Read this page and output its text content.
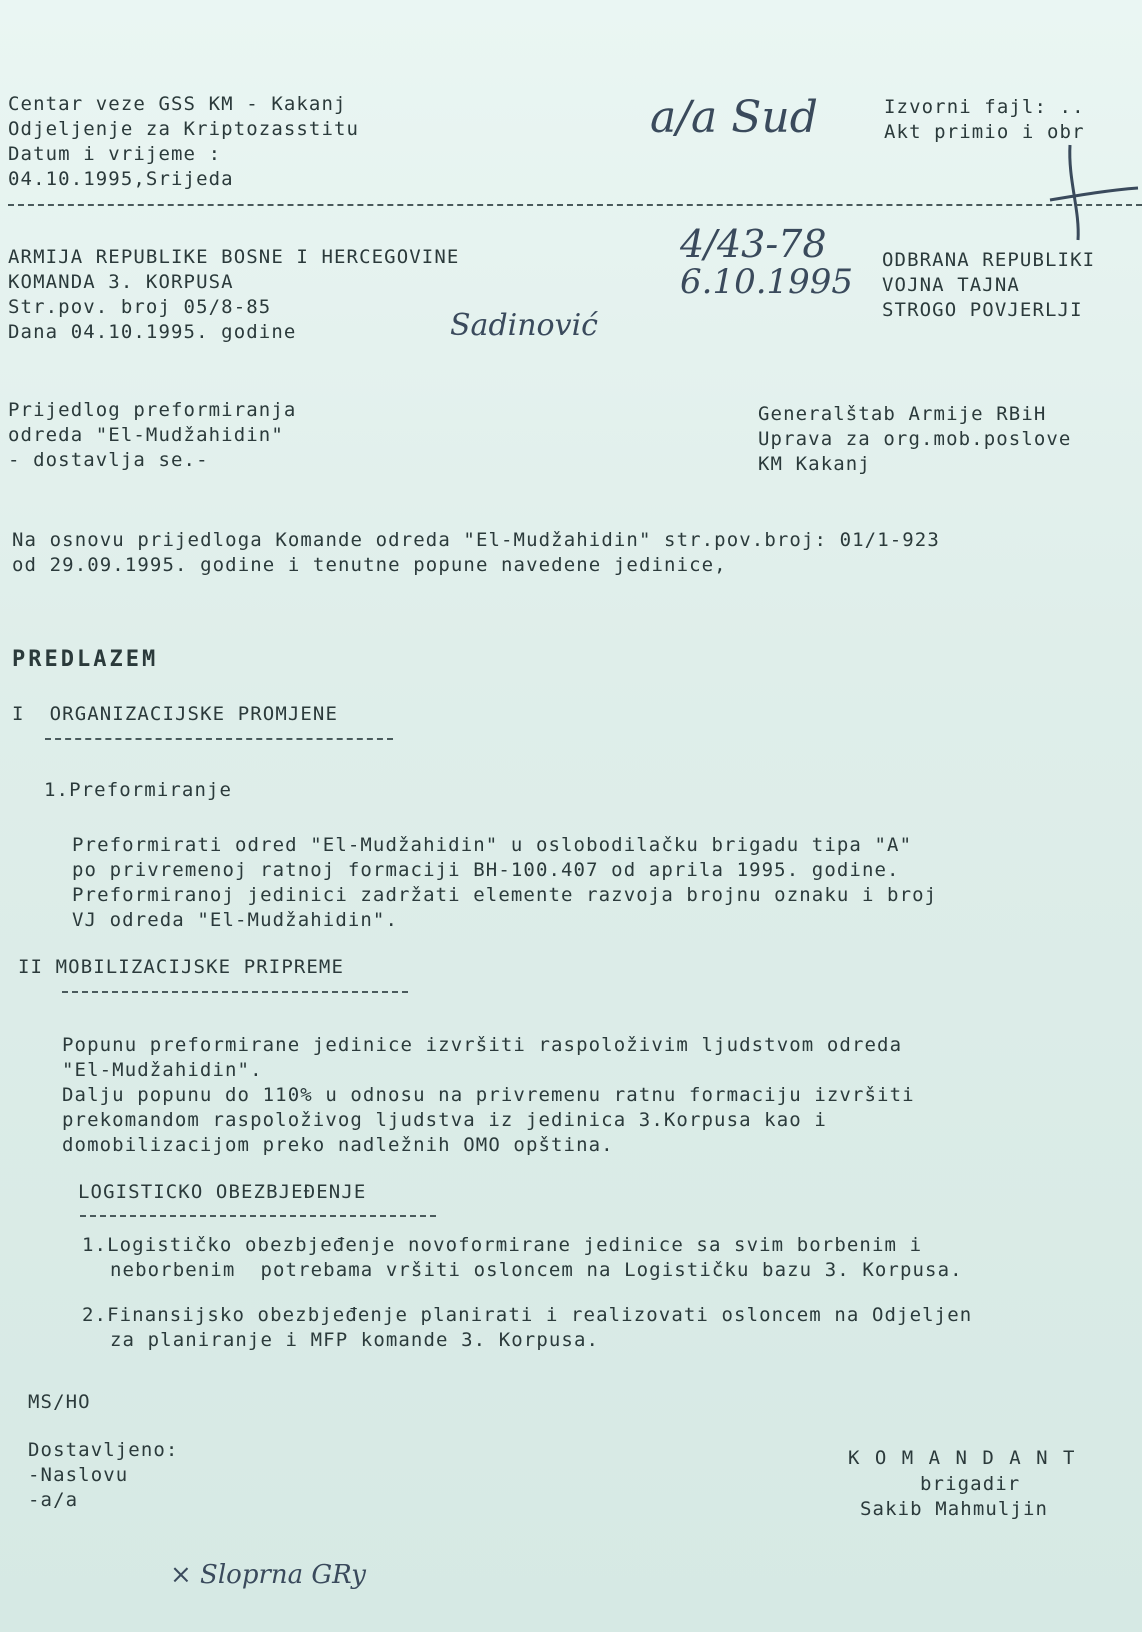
Centar veze GSS KM - Kakanj
Odjeljenje za Kriptozasstitu
Datum i vrijeme :
04.10.1995,Srijeda
Izvorni fajl: ..
Akt primio i obr
a/a Sud
4/43-78
6.10.1995
Sadinović
× Sloprna GRy
ARMIJA REPUBLIKE BOSNE I HERCEGOVINE
KOMANDA 3. KORPUSA
Str.pov. broj 05/8-85
Dana 04.10.1995. godine
ODBRANA REPUBLIKI
VOJNA TAJNA
STROGO POVJERLJI
Prijedlog preformiranja
odreda "El-Mudžahidin"
- dostavlja se.-
Generalštab Armije RBiH
Uprava za org.mob.poslove
KM Kakanj
Na osnovu prijedloga Komande odreda "El-Mudžahidin" str.pov.broj: 01/1-923
od 29.09.1995. godine i tenutne popune navedene jedinice,
PREDLAZEM
I  ORGANIZACIJSKE PROMJENE
1.Preformiranje
Preformirati odred "El-Mudžahidin" u oslobodilačku brigadu tipa "A"
po privremenoj ratnoj formaciji BH-100.407 od aprila 1995. godine.
Preformiranoj jedinici zadržati elemente razvoja brojnu oznaku i broj
VJ odreda "El-Mudžahidin".
II MOBILIZACIJSKE PRIPREME
Popunu preformirane jedinice izvršiti raspoloživim ljudstvom odreda
"El-Mudžahidin".
Dalju popunu do 110% u odnosu na privremenu ratnu formaciju izvršiti
prekomandom raspoloživog ljudstva iz jedinica 3.Korpusa kao i
domobilizacijom preko nadležnih OMO opština.
LOGISTICKO OBEZBJEĐENJE
1.Logističko obezbjeđenje novoformirane jedinice sa svim borbenim i
neborbenim  potrebama vršiti osloncem na Logističku bazu 3. Korpusa.
2.Finansijsko obezbjeđenje planirati i realizovati osloncem na Odjeljen
za planiranje i MFP komande 3. Korpusa.
MS/HO
Dostavljeno:
-Naslovu
-a/a
K O M A N D A N T
brigadir
Sakib Mahmuljin
